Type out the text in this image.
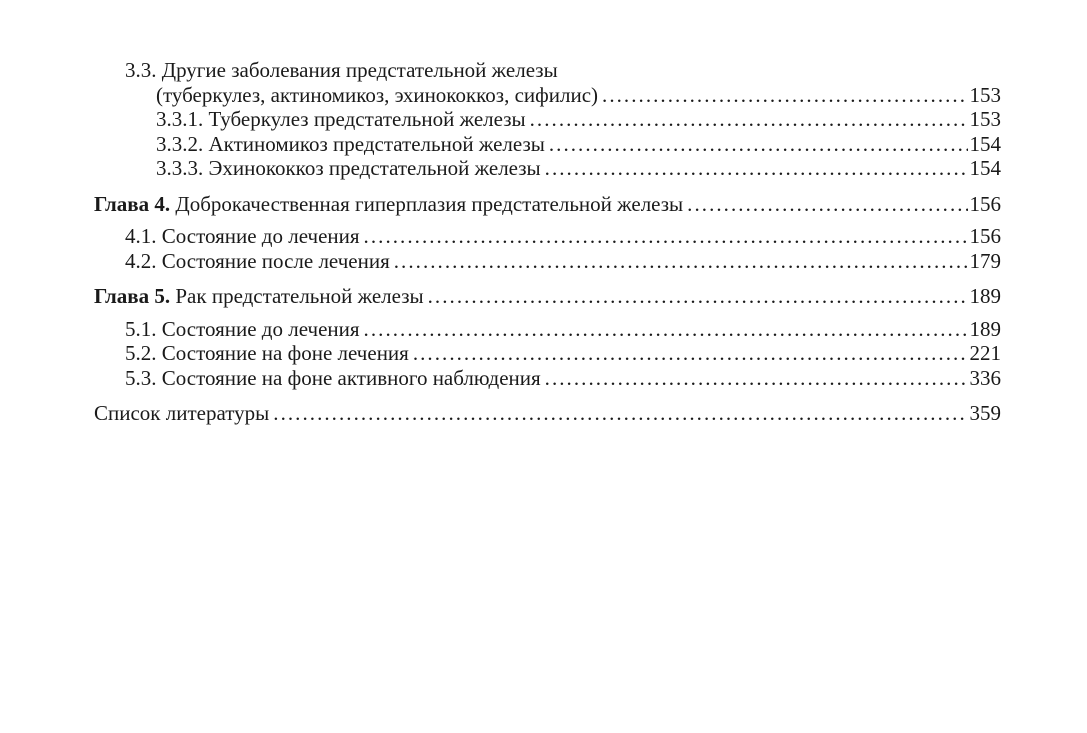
3.3. Другие заболевания предстательной железы
(туберкулез, актиномикоз, эхинококкоз, сифилис) . . .	153
3.3.1. Туберкулез предстательной железы . . .	153
3.3.2. Актиномикоз предстательной железы . . .	154
3.3.3. Эхинококкоз предстательной железы . . .	154
Глава 4. Доброкачественная гиперплазия предстательной железы . . .	156
4.1. Состояние до лечения . . .	156
4.2. Состояние после лечения . . .	179
Глава 5. Рак предстательной железы . . .	189
5.1. Состояние до лечения . . .	189
5.2. Состояние на фоне лечения . . .	221
5.3. Состояние на фоне активного наблюдения . . .	336
Список литературы . . .	359
